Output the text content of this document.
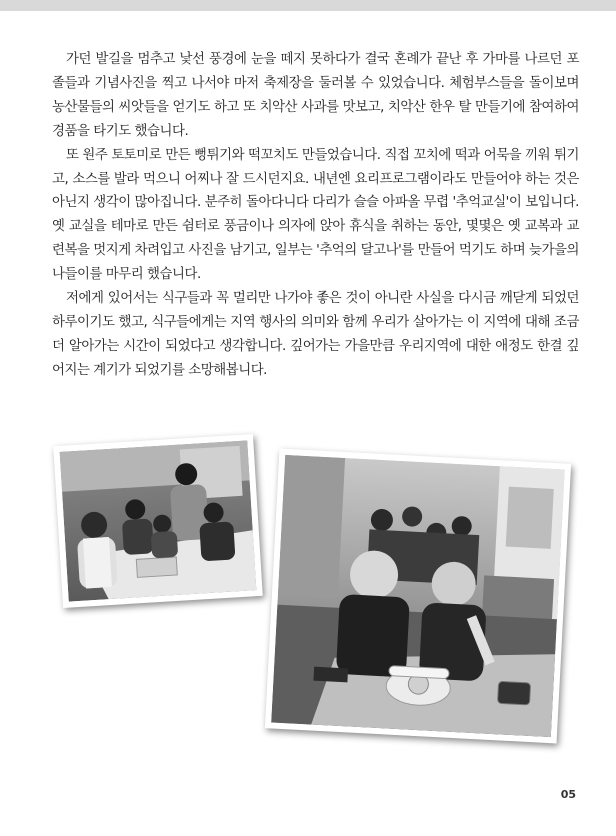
가던 발길을 멈추고 낯선 풍경에 눈을 떼지 못하다가 결국 혼례가 끝난 후 가마를 나르던 포졸들과 기념사진을 찍고 나서야 마저 축제장을 둘러볼 수 있었습니다. 체험부스들을 돌이보며 농산물들의 씨앗들을 얻기도 하고 또 치악산 사과를 맛보고, 치악산 한우 탈 만들기에 참여하여 경품을 타기도 했습니다.

또 원주 토토미로 만든 뻥튀기와 떡꼬치도 만들었습니다. 직접 꼬치에 떡과 어묵을 끼워 튀기고, 소스를 발라 먹으니 어찌나 잘 드시던지요. 내년엔 요리프로그램이라도 만들어야 하는 것은 아닌지 생각이 많아집니다. 분주히 돌아다니다 다리가 슬슬 아파올 무렵 '추억교실'이 보입니다. 옛 교실을 테마로 만든 쉼터로 풍금이나 의자에 앉아 휴식을 취하는 동안, 몇몇은 옛 교복과 교련복을 멋지게 차려입고 사진을 남기고, 일부는 '추억의 달고나'를 만들어 먹기도 하며 늦가을의 나들이를 마무리 했습니다.

저에게 있어서는 식구들과 꼭 멀리만 나가야 좋은 것이 아니란 사실을 다시금 깨닫게 되었던 하루이기도 했고, 식구들에게는 지역 행사의 의미와 함께 우리가 살아가는 이 지역에 대해 조금 더 알아가는 시간이 되었다고 생각합니다. 깊어가는 가을만큼 우리지역에 대한 애정도 한결 깊어지는 계기가 되었기를 소망해봅니다.

05
